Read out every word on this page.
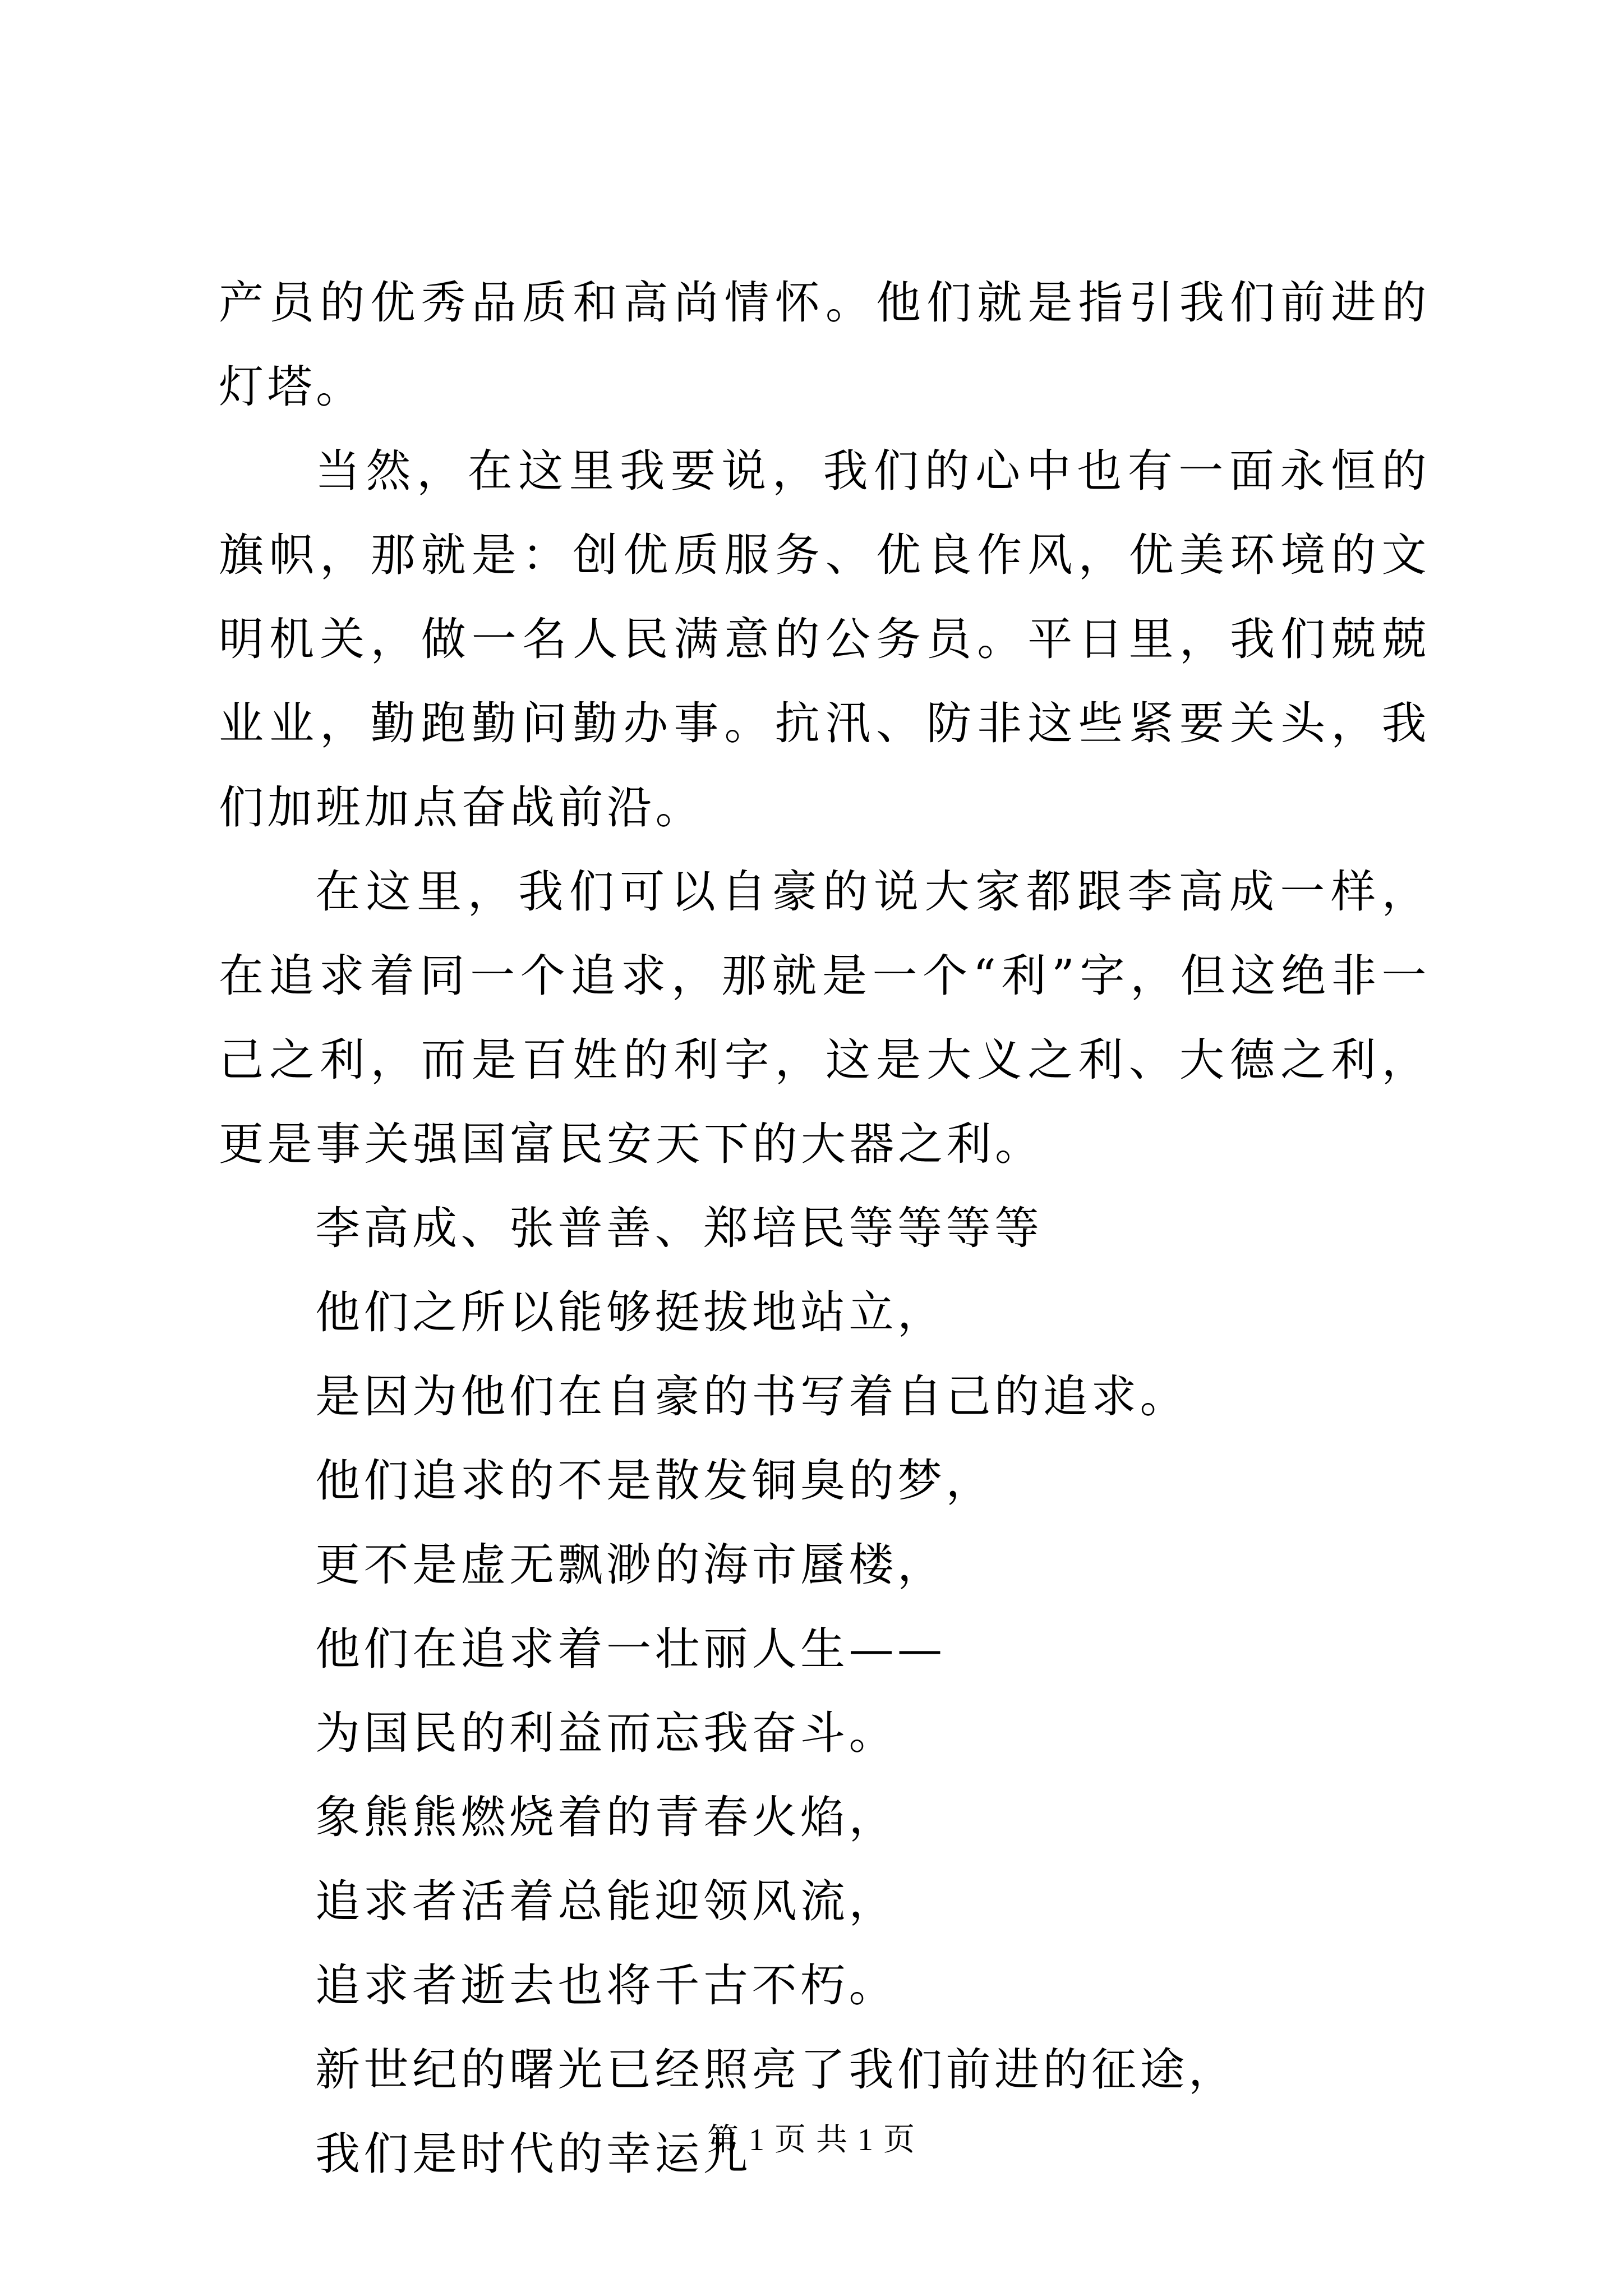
产员的优秀品质和高尚情怀。他们就是指引我们前进的灯塔。

当然，在这里我要说，我们的心中也有一面永恒的旗帜，那就是：创优质服务、优良作风，优美环境的文明机关，做一名人民满意的公务员。平日里，我们兢兢业业，勤跑勤问勤办事。抗汛、防非这些紧要关头，我们加班加点奋战前沿。

在这里，我们可以自豪的说大家都跟李高成一样，在追求着同一个追求，那就是一个“利”字，但这绝非一己之利，而是百姓的利字，这是大义之利、大德之利，更是事关强国富民安天下的大器之利。

李高成、张普善、郑培民等等等等

他们之所以能够挺拔地站立，

是因为他们在自豪的书写着自己的追求。

他们追求的不是散发铜臭的梦，

更不是虚无飘渺的海市蜃楼，

他们在追求着一壮丽人生——

为国民的利益而忘我奋斗。

象熊熊燃烧着的青春火焰，

追求者活着总能迎领风流，

追求者逝去也将千古不朽。

新世纪的曙光已经照亮了我们前进的征途，

我们是时代的幸运儿

第 1 页 共 1 页
